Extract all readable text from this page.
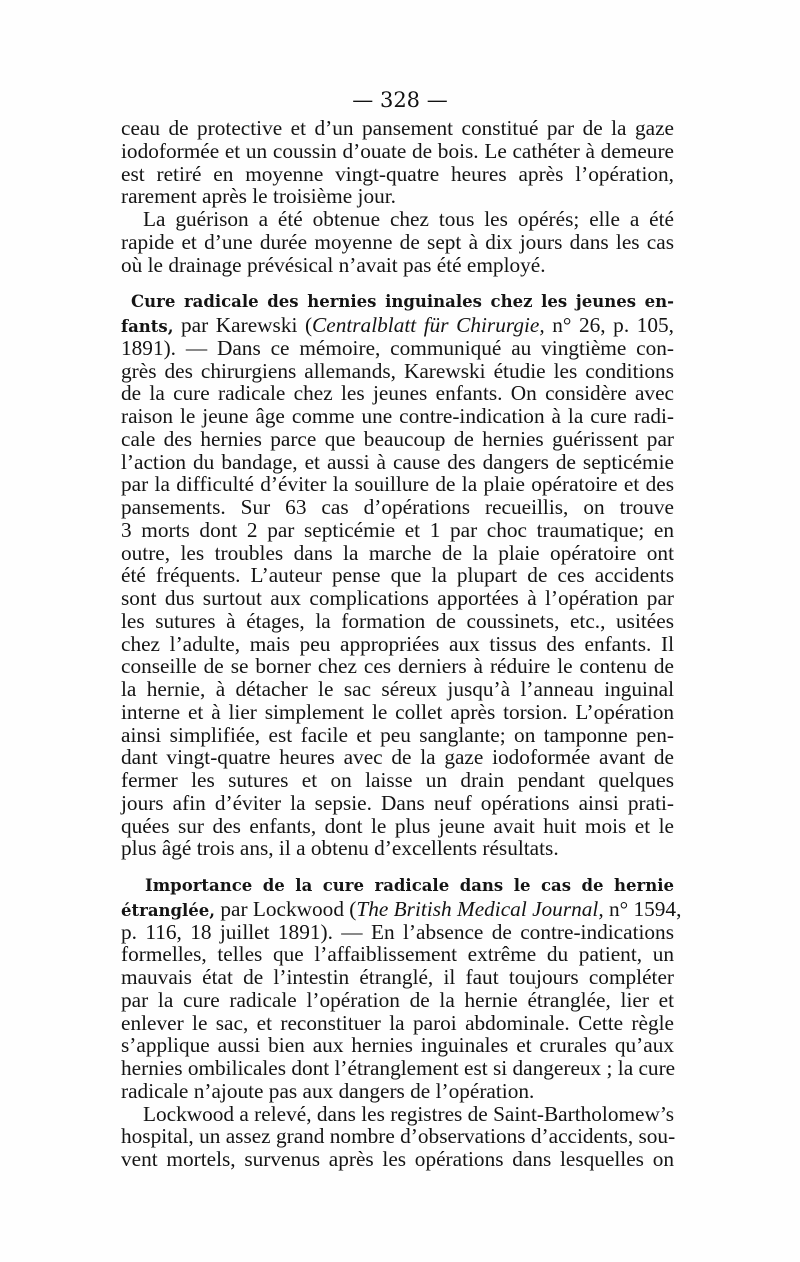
— 328 —
ceau de protective et d’un pansement constitué par de la gaze
iodoformée et un coussin d’ouate de bois. Le cathéter à demeure
est retiré en moyenne vingt-quatre heures après l’opération,
rarement après le troisième jour.
La guérison a été obtenue chez tous les opérés; elle a été
rapide et d’une durée moyenne de sept à dix jours dans les cas
où le drainage prévésical n’avait pas été employé.
Cure radicale des hernies inguinales chez les jeunes en-
fants, par Karewski (Centralblatt für Chirurgie, n° 26, p. 105,
1891). — Dans ce mémoire, communiqué au vingtième con-
grès des chirurgiens allemands, Karewski étudie les conditions
de la cure radicale chez les jeunes enfants. On considère avec
raison le jeune âge comme une contre-indication à la cure radi-
cale des hernies parce que beaucoup de hernies guérissent par
l’action du bandage, et aussi à cause des dangers de septicémie
par la difficulté d’éviter la souillure de la plaie opératoire et des
pansements. Sur 63 cas d’opérations recueillis, on trouve
3 morts dont 2 par septicémie et 1 par choc traumatique; en
outre, les troubles dans la marche de la plaie opératoire ont
été fréquents. L’auteur pense que la plupart de ces accidents
sont dus surtout aux complications apportées à l’opération par
les sutures à étages, la formation de coussinets, etc., usitées
chez l’adulte, mais peu appropriées aux tissus des enfants. Il
conseille de se borner chez ces derniers à réduire le contenu de
la hernie, à détacher le sac séreux jusqu’à l’anneau inguinal
interne et à lier simplement le collet après torsion. L’opération
ainsi simplifiée, est facile et peu sanglante; on tamponne pen-
dant vingt-quatre heures avec de la gaze iodoformée avant de
fermer les sutures et on laisse un drain pendant quelques
jours afin d’éviter la sepsie. Dans neuf opérations ainsi prati-
quées sur des enfants, dont le plus jeune avait huit mois et le
plus âgé trois ans, il a obtenu d’excellents résultats.
Importance de la cure radicale dans le cas de hernie
étranglée, par Lockwood (The British Medical Journal, n° 1594,
p. 116, 18 juillet 1891). — En l’absence de contre-indications
formelles, telles que l’affaiblissement extrême du patient, un
mauvais état de l’intestin étranglé, il faut toujours compléter
par la cure radicale l’opération de la hernie étranglée, lier et
enlever le sac, et reconstituer la paroi abdominale. Cette règle
s’applique aussi bien aux hernies inguinales et crurales qu’aux
hernies ombilicales dont l’étranglement est si dangereux ; la cure
radicale n’ajoute pas aux dangers de l’opération.
Lockwood a relevé, dans les registres de Saint-Bartholomew’s
hospital, un assez grand nombre d’observations d’accidents, sou-
vent mortels, survenus après les opérations dans lesquelles on
